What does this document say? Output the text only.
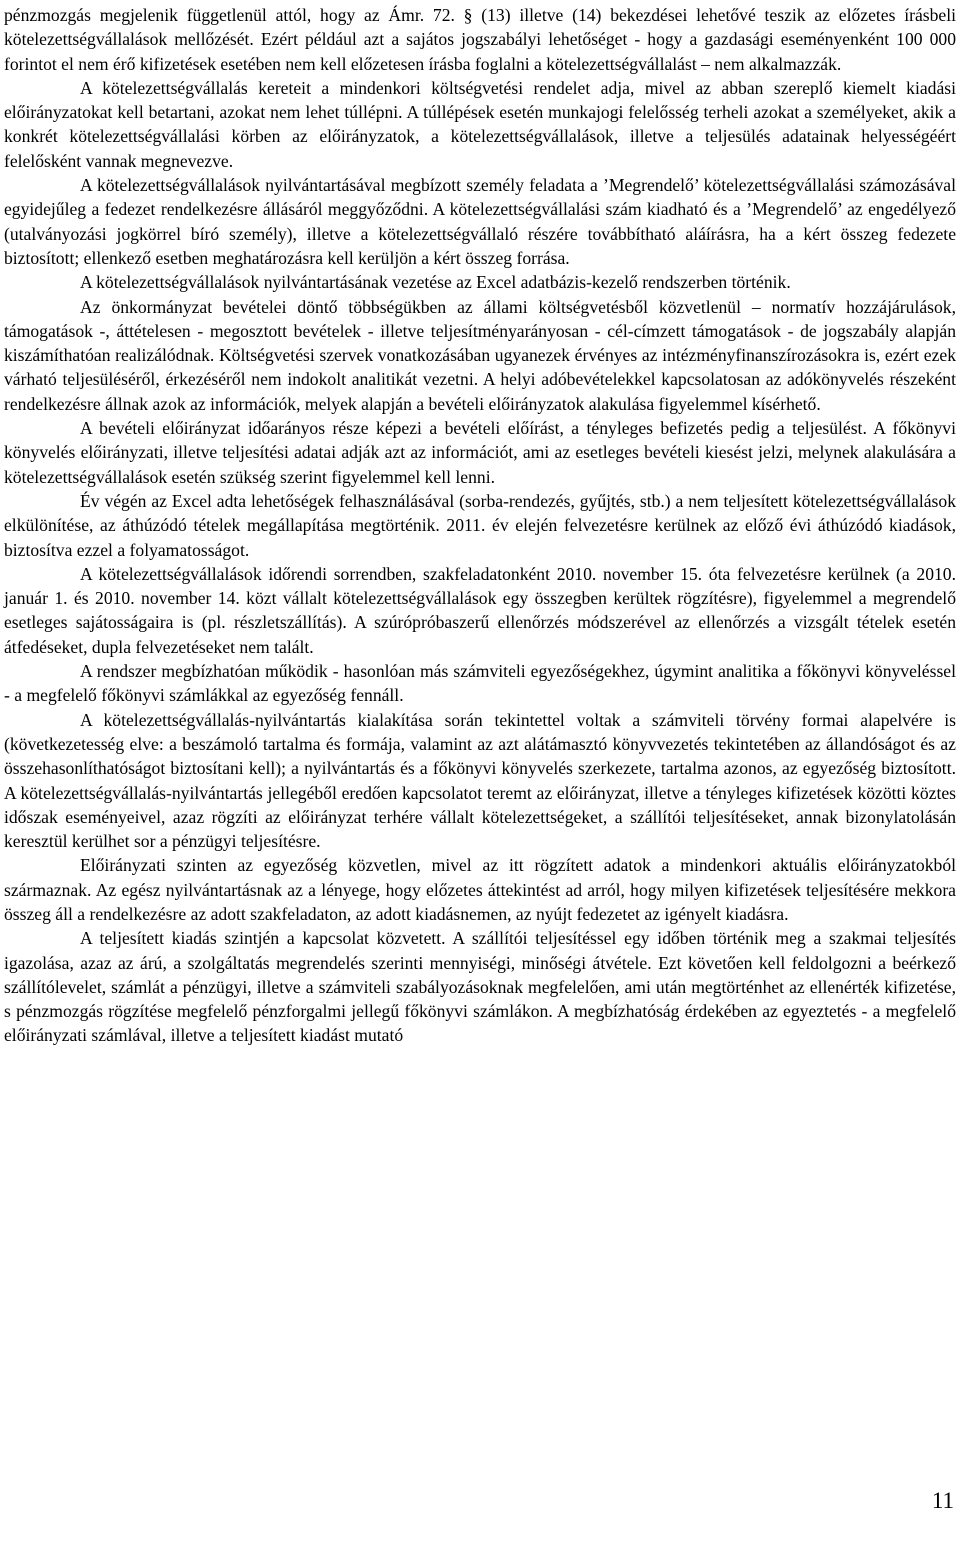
pénzmozgás megjelenik függetlenül attól, hogy az Ámr. 72. § (13) illetve (14) bekezdései lehetővé teszik az előzetes írásbeli kötelezettségvállalások mellőzését. Ezért például azt a sajátos jogszabályi lehetőséget - hogy a gazdasági eseményenként 100 000 forintot el nem érő kifizetések esetében nem kell előzetesen írásba foglalni a kötelezettségvállalást – nem alkalmazzák.

A kötelezettségvállalás kereteit a mindenkori költségvetési rendelet adja, mivel az abban szereplő kiemelt kiadási előirányzatokat kell betartani, azokat nem lehet túllépni. A túllépések esetén munkajogi felelősség terheli azokat a személyeket, akik a konkrét kötelezettségvállalási körben az előirányzatok, a kötelezettségvállalások, illetve a teljesülés adatainak helyességéért felelősként vannak megnevezve.

A kötelezettségvállalások nyilvántartásával megbízott személy feladata a ’Megrendelő’ kötelezettségvállalási számozásával egyidejűleg a fedezet rendelkezésre állásáról meggyőződni. A kötelezettségvállalási szám kiadható és a ’Megrendelő’ az engedélyező (utalványozási jogkörrel bíró személy), illetve a kötelezettségvállaló részére továbbítható aláírásra, ha a kért összeg fedezete biztosított; ellenkező esetben meghatározásra kell kerüljön a kért összeg forrása.

A kötelezettségvállalások nyilvántartásának vezetése az Excel adatbázis-kezelő rendszerben történik.

Az önkormányzat bevételei döntő többségükben az állami költségvetésből közvetlenül – normatív hozzájárulások, támogatások -, áttételesen - megosztott bevételek - illetve teljesítményarányosan - cél-címzett támogatások - de jogszabály alapján kiszámíthatóan realizálódnak. Költségvetési szervek vonatkozásában ugyanezek érvényes az intézményfinanszírozásokra is, ezért ezek várható teljesüléséről, érkezéséről nem indokolt analitikát vezetni. A helyi adóbevételekkel kapcsolatosan az adókönyvelés részeként rendelkezésre állnak azok az információk, melyek alapján a bevételi előirányzatok alakulása figyelemmel kísérhető.

A bevételi előirányzat időarányos része képezi a bevételi előírást, a tényleges befizetés pedig a teljesülést. A főkönyvi könyvelés előirányzati, illetve teljesítési adatai adják azt az információt, ami az esetleges bevételi kiesést jelzi, melynek alakulására a kötelezettségvállalások esetén szükség szerint figyelemmel kell lenni.

Év végén az Excel adta lehetőségek felhasználásával (sorba-rendezés, gyűjtés, stb.) a nem teljesített kötelezettségvállalások elkülönítése, az áthúzódó tételek megállapítása megtörténik. 2011. év elején felvezetésre kerülnek az előző évi áthúzódó kiadások, biztosítva ezzel a folyamatosságot.

A kötelezettségvállalások időrendi sorrendben, szakfeladatonként 2010. november 15. óta felvezetésre kerülnek (a 2010. január 1. és 2010. november 14. közt vállalt kötelezettségvállalások egy összegben kerültek rögzítésre), figyelemmel a megrendelő esetleges sajátosságaira is (pl. részletszállítás). A szúrópróbaszerű ellenőrzés módszerével az ellenőrzés a vizsgált tételek esetén átfedéseket, dupla felvezetéseket nem talált.

A rendszer megbízhatóan működik - hasonlóan más számviteli egyezőségekhez, úgymint analitika a főkönyvi könyveléssel - a megfelelő főkönyvi számlákkal az egyezőség fennáll.

A kötelezettségvállalás-nyilvántartás kialakítása során tekintettel voltak a számviteli törvény formai alapelvére is (következetesség elve: a beszámoló tartalma és formája, valamint az azt alátámasztó könyvvezetés tekintetében az állandóságot és az összehasonlíthatóságot biztosítani kell); a nyilvántartás és a főkönyvi könyvelés szerkezete, tartalma azonos, az egyezőség biztosított. A kötelezettségvállalás-nyilvántartás jellegéből eredően kapcsolatot teremt az előirányzat, illetve a tényleges kifizetések közötti köztes időszak eseményeivel, azaz rögzíti az előirányzat terhére vállalt kötelezettségeket, a szállítói teljesítéseket, annak bizonylatolásán keresztül kerülhet sor a pénzügyi teljesítésre.

Előirányzati szinten az egyezőség közvetlen, mivel az itt rögzített adatok a mindenkori aktuális előirányzatokból származnak. Az egész nyilvántartásnak az a lényege, hogy előzetes áttekintést ad arról, hogy milyen kifizetések teljesítésére mekkora összeg áll a rendelkezésre az adott szakfeladaton, az adott kiadásnemen, az nyújt fedezetet az igényelt kiadásra.

A teljesített kiadás szintjén a kapcsolat közvetett. A szállítói teljesítéssel egy időben történik meg a szakmai teljesítés igazolása, azaz az árú, a szolgáltatás megrendelés szerinti mennyiségi, minőségi átvétele. Ezt követően kell feldolgozni a beérkező szállítólevelet, számlát a pénzügyi, illetve a számviteli szabályozásoknak megfelelően, ami után megtörténhet az ellenérték kifizetése, s pénzmozgás rögzítése megfelelő pénzforgalmi jellegű főkönyvi számlákon. A megbízhatóság érdekében az egyeztetés - a megfelelő előirányzati számlával, illetve a teljesített kiadást mutató

11
